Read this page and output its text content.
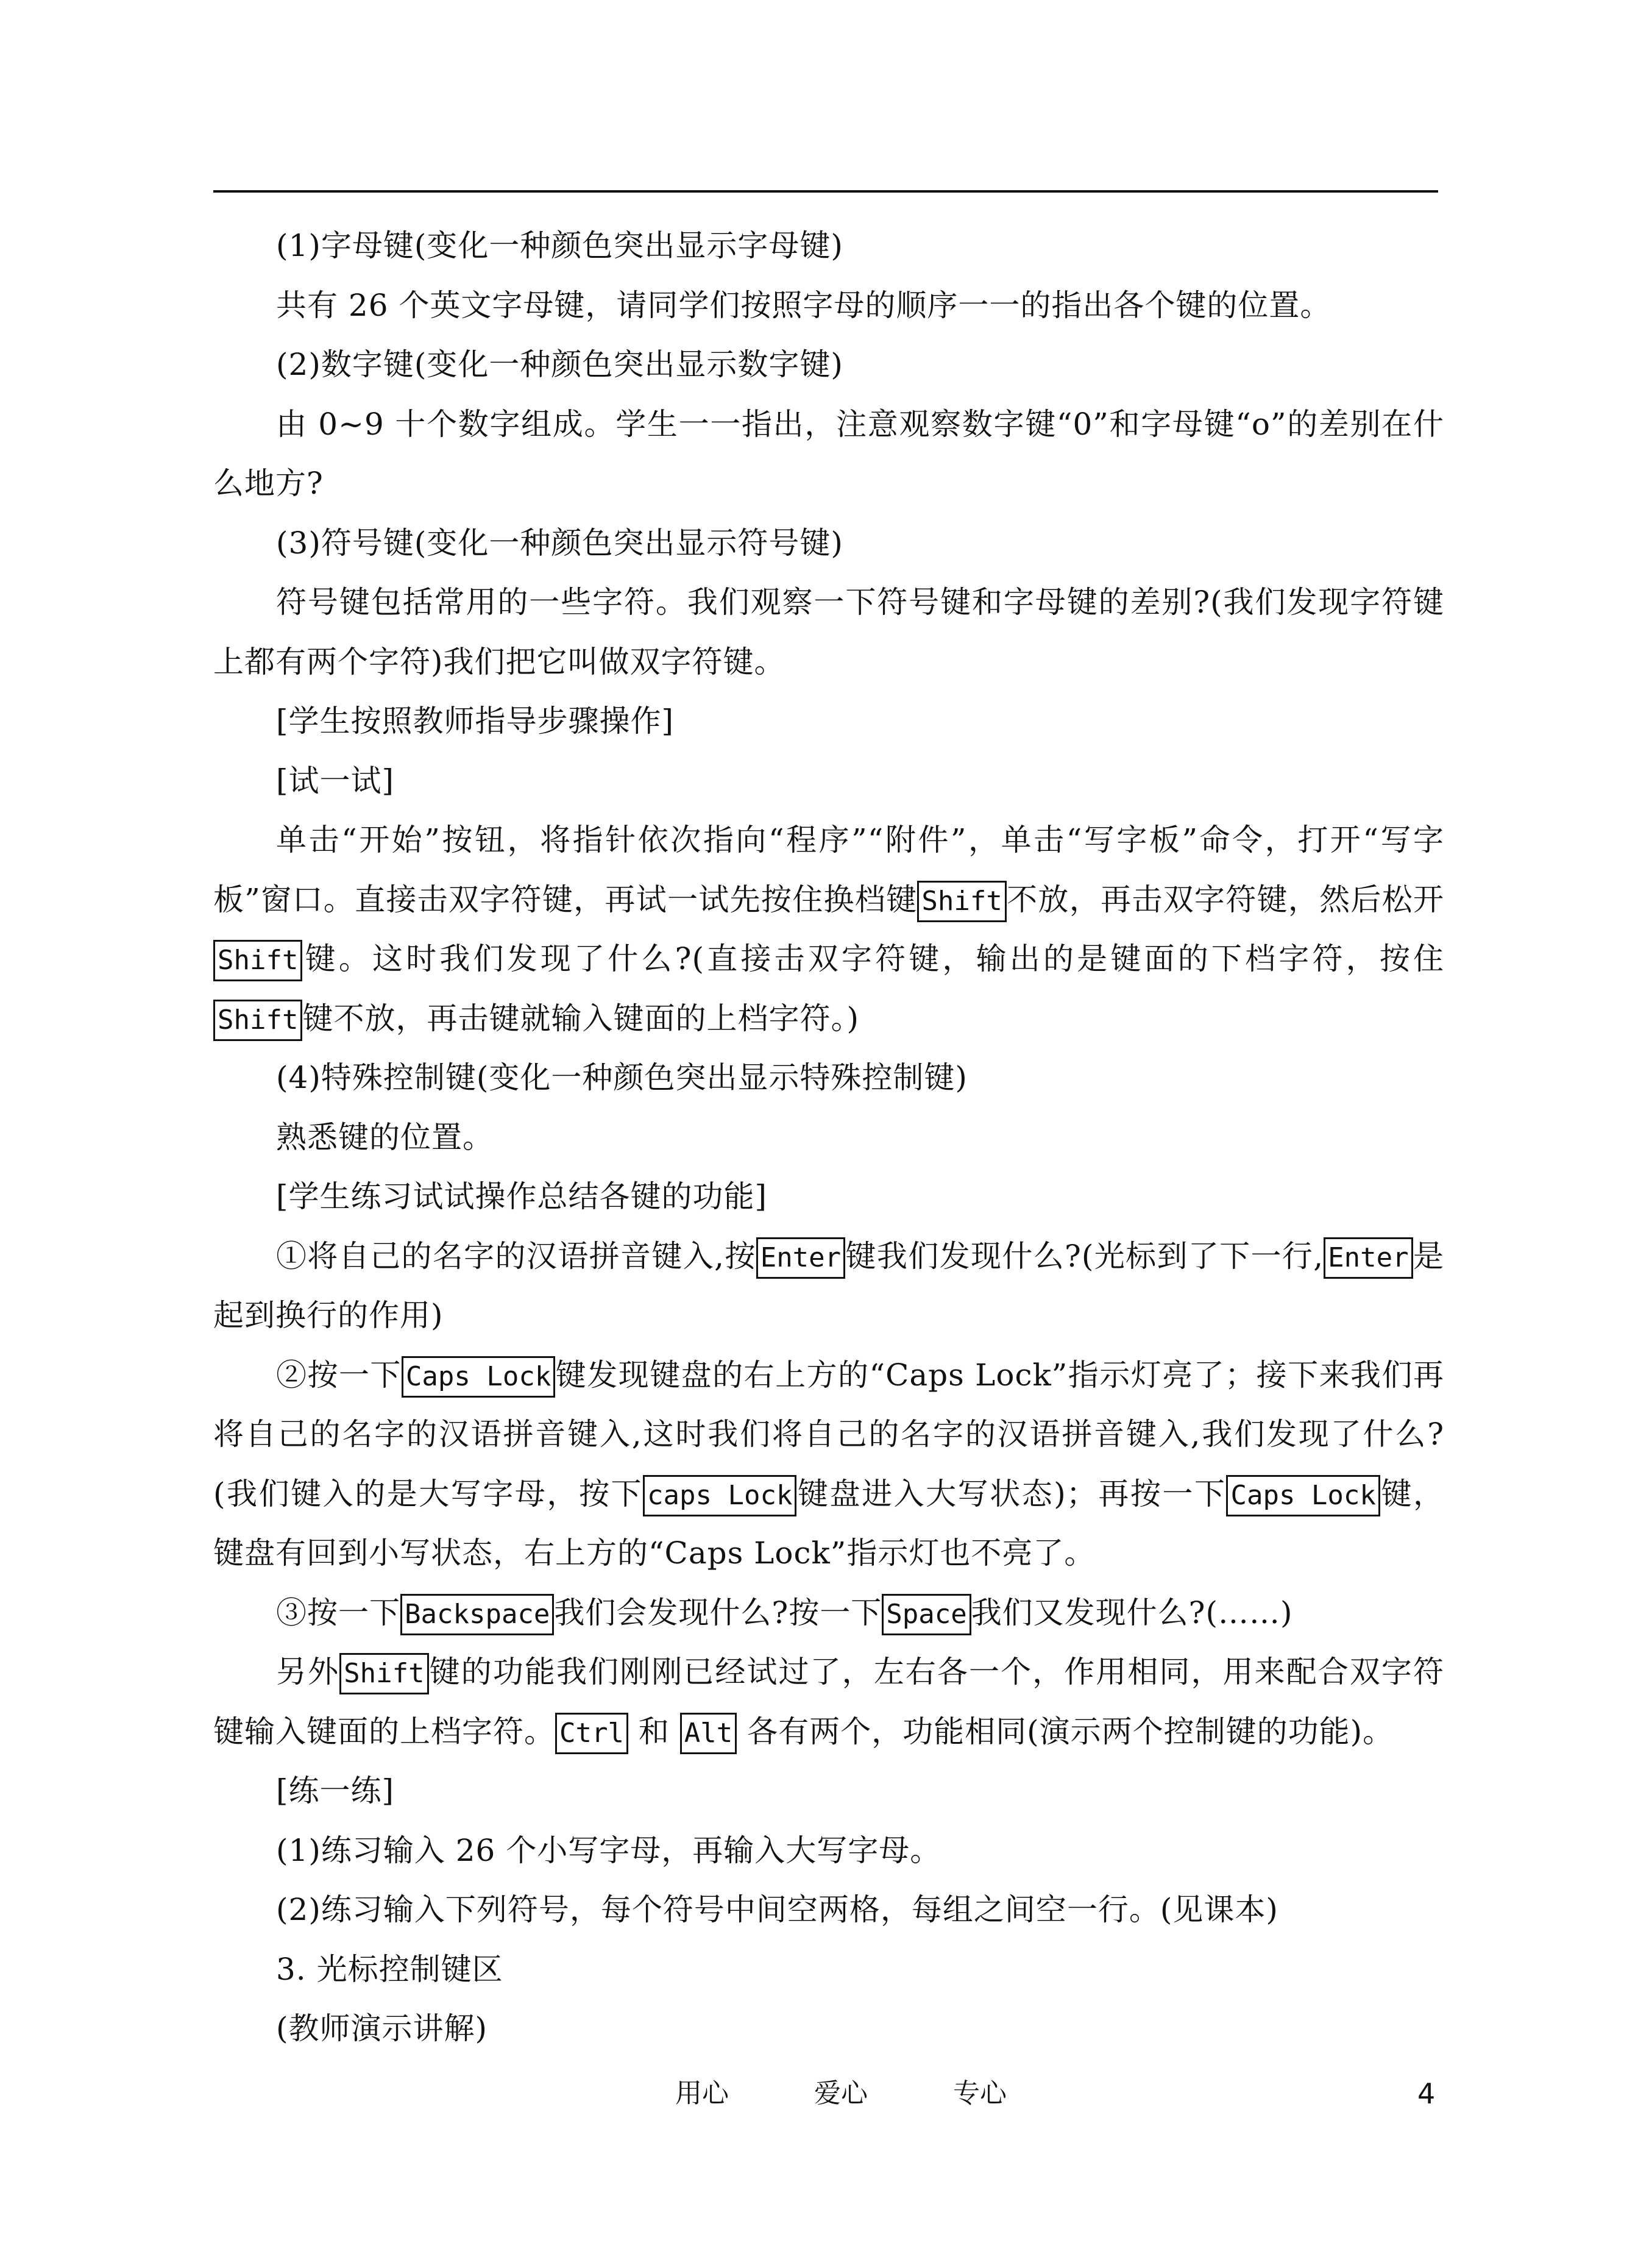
(1)字母键(变化一种颜色突出显示字母键)

共有 26 个英文字母键，请同学们按照字母的顺序一一的指出各个键的位置。

(2)数字键(变化一种颜色突出显示数字键)

由 0~9 十个数字组成。学生一一指出，注意观察数字键“0”和字母键“o”的差别在什么地方?

(3)符号键(变化一种颜色突出显示符号键)

符号键包括常用的一些字符。我们观察一下符号键和字母键的差别?(我们发现字符键上都有两个字符)我们把它叫做双字符键。

[学生按照教师指导步骤操作]

[试一试]

单击“开始”按钮，将指针依次指向“程序”“附件”，单击“写字板”命令，打开“写字板”窗口。直接击双字符键，再试一试先按住换档键 Shift 不放，再击双字符键，然后松开Shift 键。这时我们发现了什么?(直接击双字符键，输出的是键面的下档字符，按住Shift 键不放，再击键就输入键面的上档字符。)

(4)特殊控制键(变化一种颜色突出显示特殊控制键)

熟悉键的位置。

[学生练习试试操作总结各键的功能]

①将自己的名字的汉语拼音键入,按 Enter 键我们发现什么?(光标到了下一行, Enter 是起到换行的作用)

②按一下 Caps Lock 键发现键盘的右上方的“Caps Lock”指示灯亮了；接下来我们再将自己的名字的汉语拼音键入,这时我们将自己的名字的汉语拼音键入,我们发现了什么?(我们键入的是大写字母，按下 caps Lock 键盘进入大写状态)；再按一下 Caps Lock 键，键盘有回到小写状态，右上方的“Caps Lock”指示灯也不亮了。

③按一下 Backspace 我们会发现什么?按一下 Space 我们又发现什么?(……)

另外 Shift 键的功能我们刚刚已经试过了，左右各一个，作用相同，用来配合双字符键输入键面的上档字符。 Ctrl 和 Alt 各有两个，功能相同(演示两个控制键的功能)。

[练一练]

(1)练习输入 26 个小写字母，再输入大写字母。

(2)练习输入下列符号，每个符号中间空两格，每组之间空一行。(见课本)

3. 光标控制键区

(教师演示讲解)

用心	爱心	专心	4
